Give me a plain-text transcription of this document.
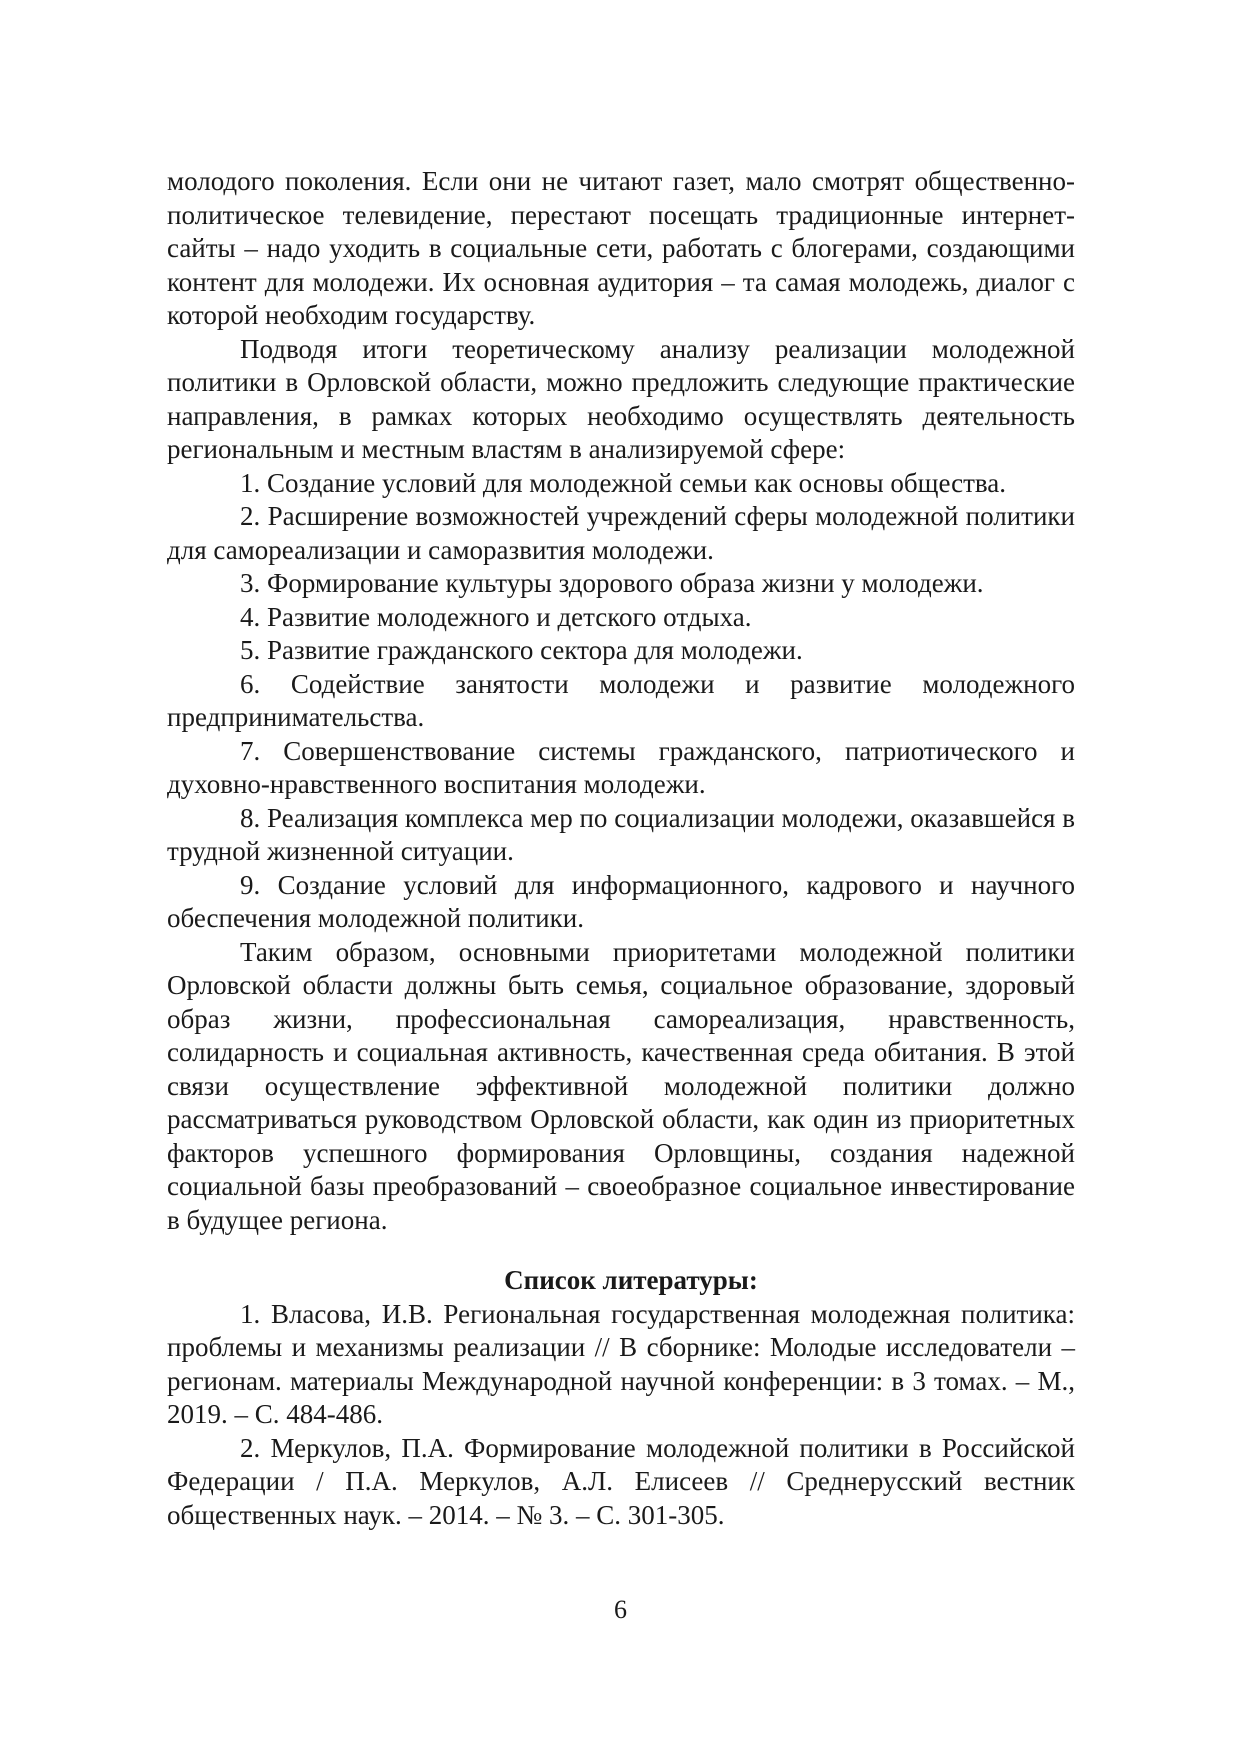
молодого поколения. Если они не читают газет, мало смотрят общественно-политическое телевидение, перестают посещать традиционные интернет-сайты – надо уходить в социальные сети, работать с блогерами, создающими контент для молодежи. Их основная аудитория – та самая молодежь, диалог с которой необходим государству.

Подводя итоги теоретическому анализу реализации молодежной политики в Орловской области, можно предложить следующие практические направления, в рамках которых необходимо осуществлять деятельность региональным и местным властям в анализируемой сфере:

1. Создание условий для молодежной семьи как основы общества.

2. Расширение возможностей учреждений сферы молодежной политики для самореализации и саморазвития молодежи.

3. Формирование культуры здорового образа жизни у молодежи.

4. Развитие молодежного и детского отдыха.

5. Развитие гражданского сектора для молодежи.

6. Содействие занятости молодежи и развитие молодежного предпринимательства.

7. Совершенствование системы гражданского, патриотического и духовно-нравственного воспитания молодежи.

8. Реализация комплекса мер по социализации молодежи, оказавшейся в трудной жизненной ситуации.

9. Создание условий для информационного, кадрового и научного обеспечения молодежной политики.

Таким образом, основными приоритетами молодежной политики Орловской области должны быть семья, социальное образование, здоровый образ жизни, профессиональная самореализация, нравственность, солидарность и социальная активность, качественная среда обитания. В этой связи осуществление эффективной молодежной политики должно рассматриваться руководством Орловской области, как один из приоритетных факторов успешного формирования Орловщины, создания надежной социальной базы преобразований – своеобразное социальное инвестирование в будущее региона.

Список литературы:

1. Власова, И.В. Региональная государственная молодежная политика: проблемы и механизмы реализации // В сборнике: Молодые исследователи – регионам. материалы Международной научной конференции: в 3 томах. – М., 2019. – С. 484-486.

2. Меркулов, П.А. Формирование молодежной политики в Российской Федерации / П.А. Меркулов, А.Л. Елисеев // Среднерусский вестник общественных наук. – 2014. – № 3. – С. 301-305.

6
